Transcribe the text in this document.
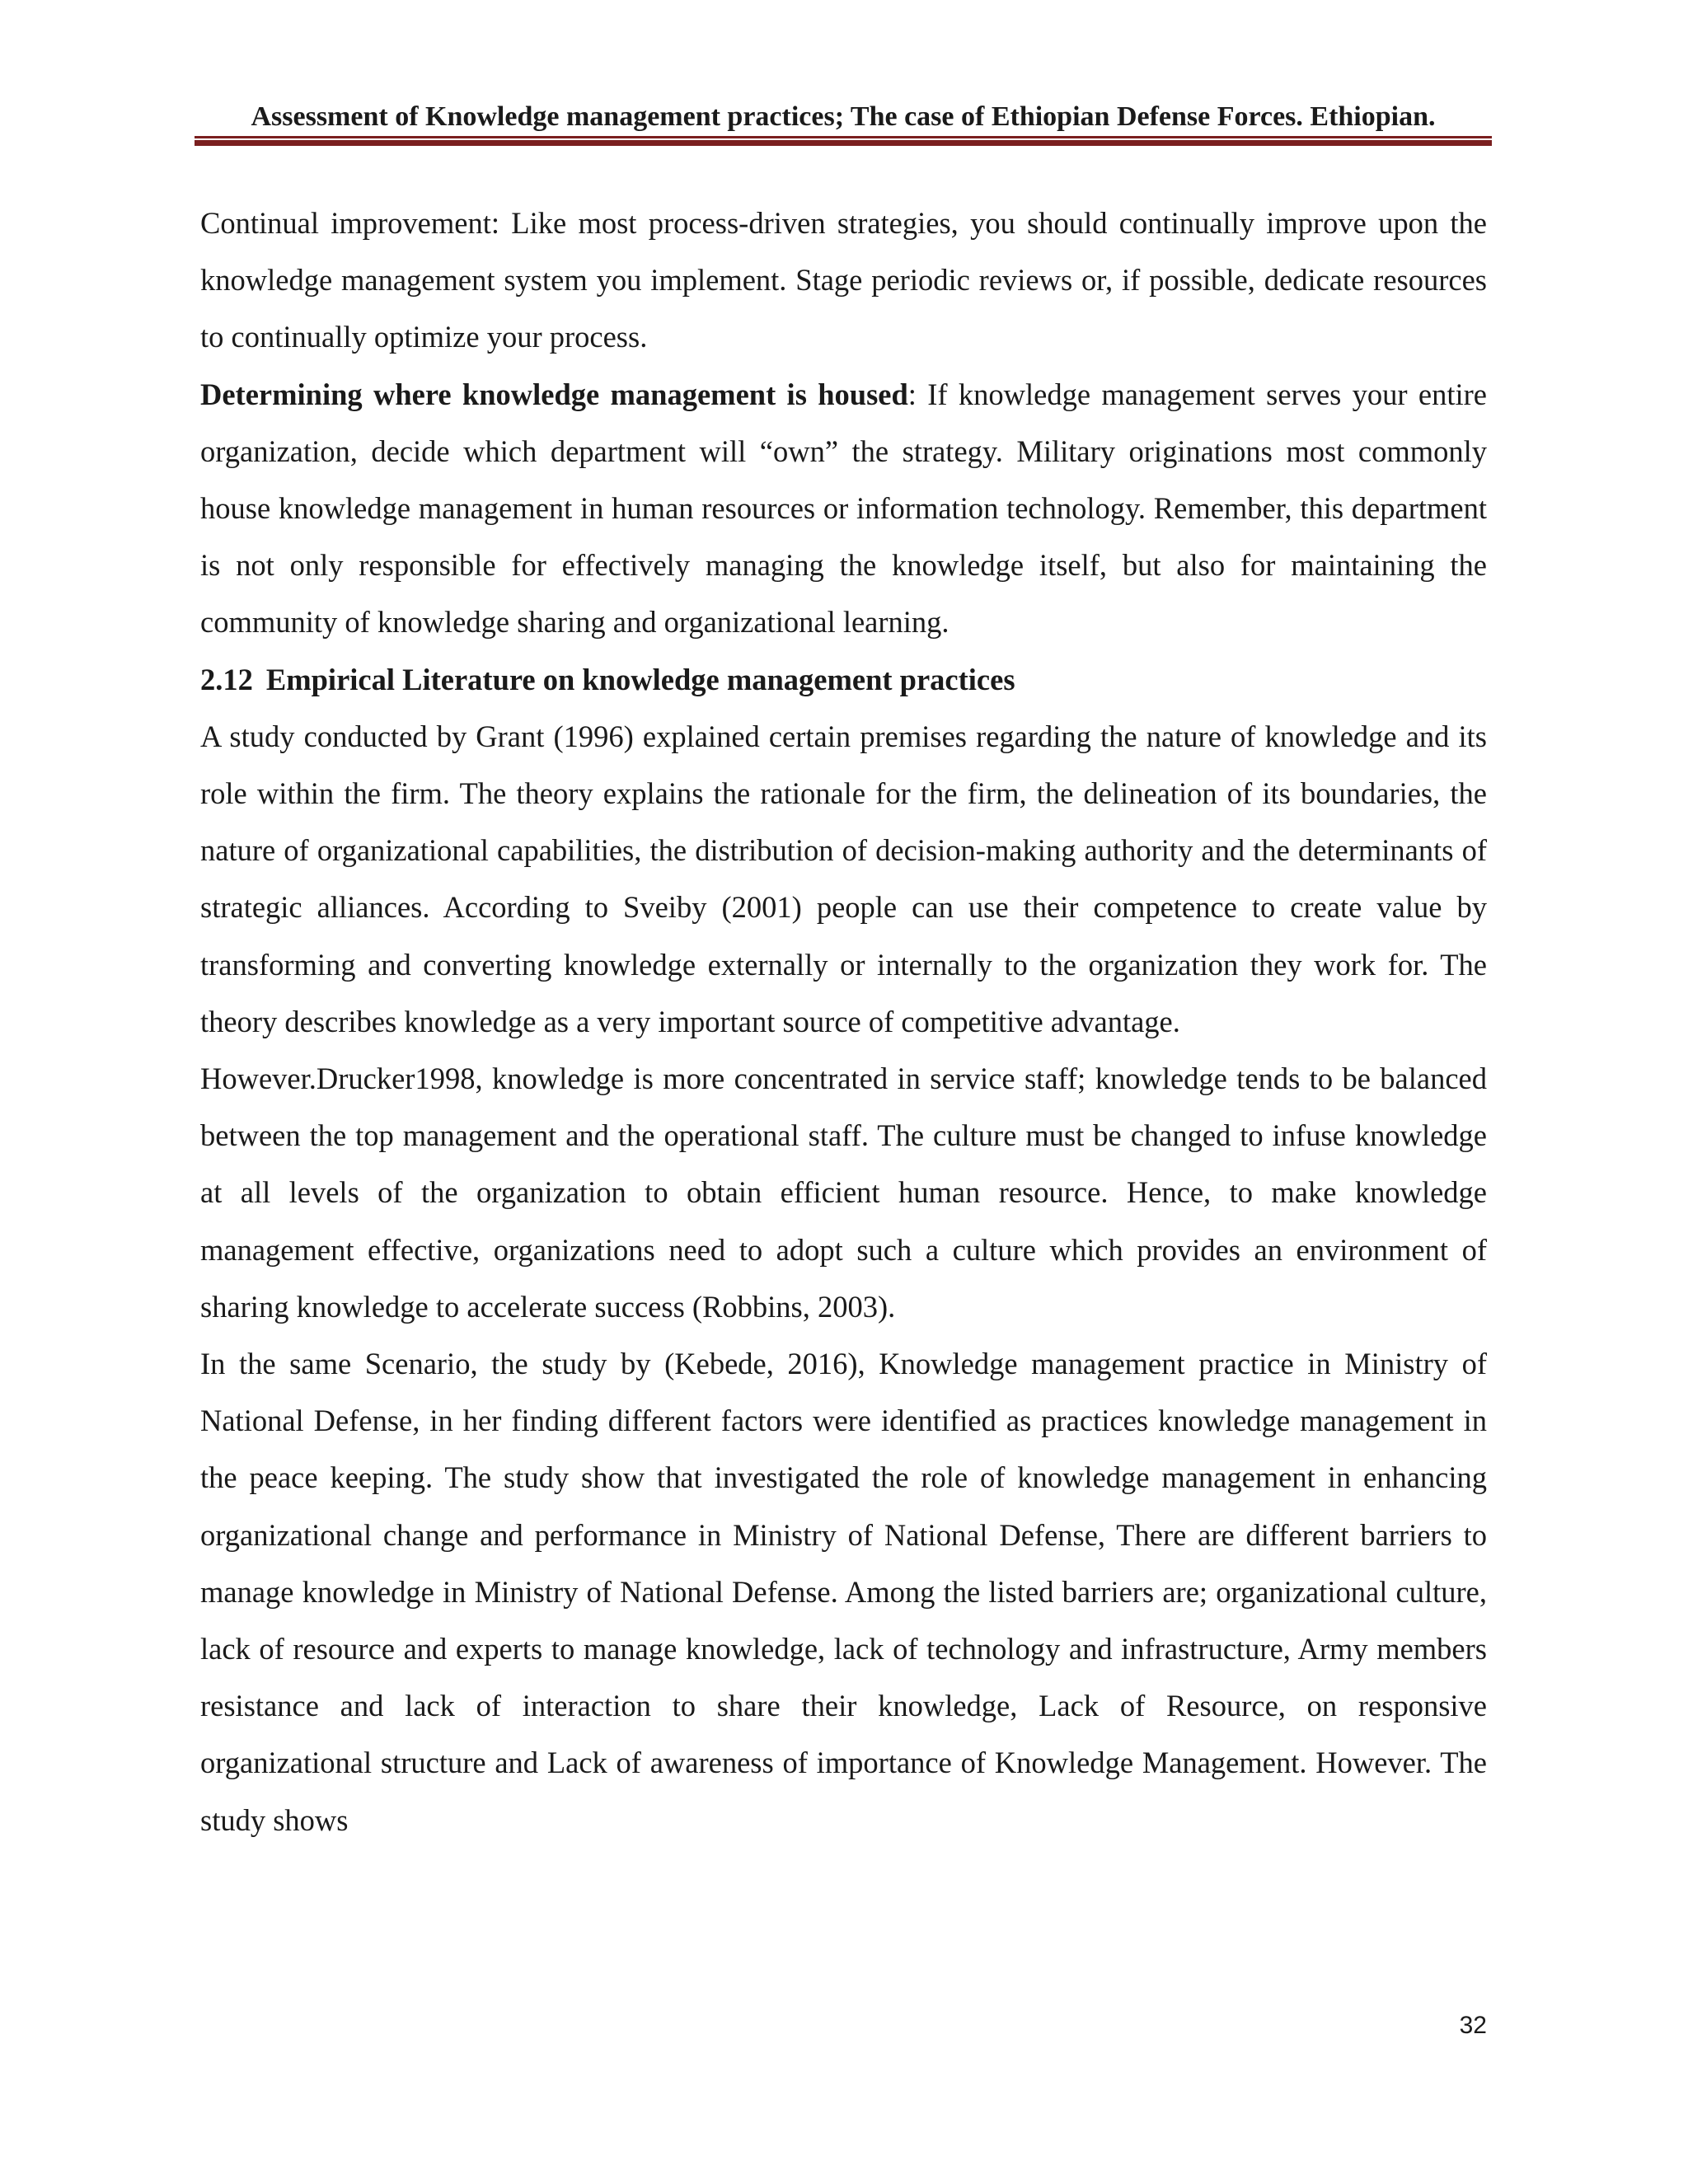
Assessment of Knowledge management practices; The case of Ethiopian Defense Forces. Ethiopian.

Continual improvement: Like most process-driven strategies, you should continually improve upon the knowledge management system you implement. Stage periodic reviews or, if possible, dedicate resources to continually optimize your process.

Determining where knowledge management is housed: If knowledge management serves your entire organization, decide which department will “own” the strategy. Military originations most commonly house knowledge management in human resources or information technology. Remember, this department is not only responsible for effectively managing the knowledge itself, but also for maintaining the community of knowledge sharing and organizational learning.

2.12 Empirical Literature on knowledge management practices

A study conducted by Grant (1996) explained certain premises regarding the nature of knowledge and its role within the firm. The theory explains the rationale for the firm, the delineation of its boundaries, the nature of organizational capabilities, the distribution of decision-making authority and the determinants of strategic alliances. According to Sveiby (2001) people can use their competence to create value by transforming and converting knowledge externally or internally to the organization they work for. The theory describes knowledge as a very important source of competitive advantage.

However.Drucker1998, knowledge is more concentrated in service staff; knowledge tends to be balanced between the top management and the operational staff. The culture must be changed to infuse knowledge at all levels of the organization to obtain efficient human resource. Hence, to make knowledge management effective, organizations need to adopt such a culture which provides an environment of sharing knowledge to accelerate success (Robbins, 2003).

In the same Scenario, the study by (Kebede, 2016), Knowledge management practice in Ministry of National Defense, in her finding different factors were identified as practices knowledge management in the peace keeping. The study show that investigated the role of knowledge management in enhancing organizational change and performance in Ministry of National Defense, There are different barriers to manage knowledge in Ministry of National Defense. Among the listed barriers are; organizational culture, lack of resource and experts to manage knowledge, lack of technology and infrastructure, Army members resistance and lack of interaction to share their knowledge, Lack of Resource, on responsive organizational structure and Lack of awareness of importance of Knowledge Management. However. The study shows

32
